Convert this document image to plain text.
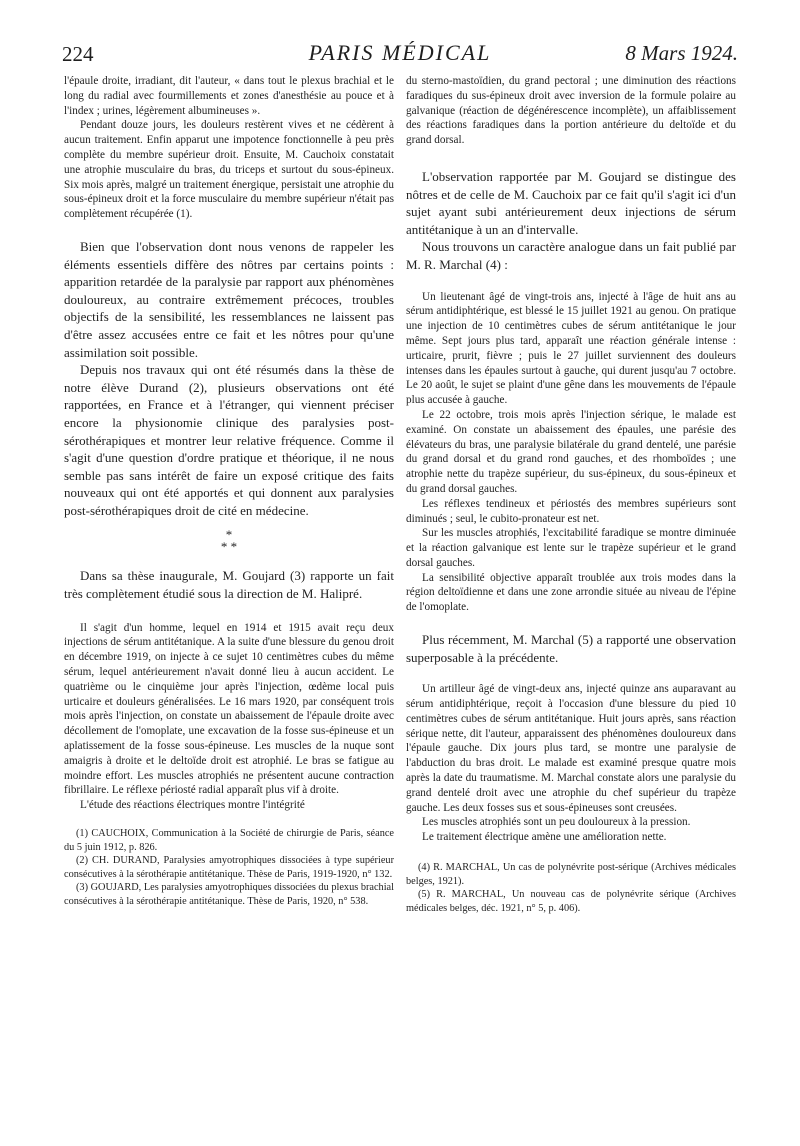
PARIS MÉDICAL
224	8 Mars 1924.

l'épaule droite, irradiant, dit l'auteur, « dans tout le plexus brachial et le long du radial avec fourmillements et zones d'anesthésie au pouce et à l'index ; urines, légèrement albumineuses ».

Pendant douze jours, les douleurs restèrent vives et ne cédèrent à aucun traitement. Enfin apparut une impotence fonctionnelle à peu près complète du membre supérieur droit. Ensuite, M. Cauchoix constatait une atrophie musculaire du bras, du triceps et surtout du sous-épineux. Six mois après, malgré un traitement énergique, persistait une atrophie du sous-épineux droit et la force musculaire du membre supérieur n'était pas complètement récupérée (1).

Bien que l'observation dont nous venons de rappeler les éléments essentiels diffère des nôtres par certains points : apparition retardée de la paralysie par rapport aux phénomènes douloureux, au contraire extrêmement précoces, troubles objectifs de la sensibilité, les ressemblances ne laissent pas d'être assez accusées entre ce fait et les nôtres pour qu'une assimilation soit possible.

Depuis nos travaux qui ont été résumés dans la thèse de notre élève Durand (2), plusieurs observations ont été rapportées, en France et à l'étranger, qui viennent préciser encore la physionomie clinique des paralysies post-sérothérapiques et montrer leur relative fréquence. Comme il s'agit d'une question d'ordre pratique et théorique, il ne nous semble pas sans intérêt de faire un exposé critique des faits nouveaux qui ont été apportés et qui donnent aux paralysies post-sérothérapiques droit de cité en médecine.

*
* *

Dans sa thèse inaugurale, M. Goujard (3) rapporte un fait très complètement étudié sous la direction de M. Halipré.

Il s'agit d'un homme, lequel en 1914 et 1915 avait reçu deux injections de sérum antitétanique. A la suite d'une blessure du genou droit en décembre 1919, on injecte à ce sujet 10 centimètres cubes du même sérum, lequel antérieurement n'avait donné lieu à aucun accident. Le quatrième ou le cinquième jour après l'injection, œdème local puis urticaire et douleurs généralisées. Le 16 mars 1920, par conséquent trois mois après l'injection, on constate un abaissement de l'épaule droite avec décollement de l'omoplate, une excavation de la fosse sus-épineuse et un aplatissement de la fosse sous-épineuse. Les muscles de la nuque sont amaigris à droite et le deltoïde droit est atrophié. Le bras se fatigue au moindre effort. Les muscles atrophiés ne présentent aucune contraction fibrillaire. Le réflexe périosté radial apparaît plus vif à droite.

L'étude des réactions électriques montre l'intégrité

(1) CAUCHOIX, Communication à la Société de chirurgie de Paris, séance du 5 juin 1912, p. 826.

(2) CH. DURAND, Paralysies amyotrophiques dissociées à type supérieur consécutives à la sérothérapie antitétanique. Thèse de Paris, 1919-1920, n° 132.

(3) GOUJARD, Les paralysies amyotrophiques dissociées du plexus brachial consécutives à la sérothérapie antitétanique. Thèse de Paris, 1920, n° 538.

du sterno-mastoïdien, du grand pectoral ; une diminution des réactions faradiques du sus-épineux droit avec inversion de la formule polaire au galvanique (réaction de dégénérescence incomplète), un affaiblissement des réactions faradiques dans la portion antérieure du deltoïde et du grand dorsal.

L'observation rapportée par M. Goujard se distingue des nôtres et de celle de M. Cauchoix par ce fait qu'il s'agit ici d'un sujet ayant subi antérieurement deux injections de sérum antitétanique à un an d'intervalle.

Nous trouvons un caractère analogue dans un fait publié par M. R. Marchal (4) :

Un lieutenant âgé de vingt-trois ans, injecté à l'âge de huit ans au sérum antidiphtérique, est blessé le 15 juillet 1921 au genou. On pratique une injection de 10 centimètres cubes de sérum antitétanique le jour même. Sept jours plus tard, apparaît une réaction générale intense : urticaire, prurit, fièvre ; puis le 27 juillet surviennent des douleurs intenses dans les épaules surtout à gauche, qui durent jusqu'au 7 octobre. Le 20 août, le sujet se plaint d'une gêne dans les mouvements de l'épaule plus accusée à gauche.

Le 22 octobre, trois mois après l'injection sérique, le malade est examiné. On constate un abaissement des épaules, une parésie des élévateurs du bras, une paralysie bilatérale du grand dentelé, une parésie du grand dorsal et du grand rond gauches, et des rhomboïdes ; une atrophie nette du trapèze supérieur, du sus-épineux, du sous-épineux et du grand dorsal gauches.

Les réflexes tendineux et périostés des membres supérieurs sont diminués ; seul, le cubito-pronateur est net.

Sur les muscles atrophiés, l'excitabilité faradique se montre diminuée et la réaction galvanique est lente sur le trapèze supérieur et le grand dorsal gauches.

La sensibilité objective apparaît troublée aux trois modes dans la région deltoïdienne et dans une zone arrondie située au niveau de l'épine de l'omoplate.

Plus récemment, M. Marchal (5) a rapporté une observation superposable à la précédente.

Un artilleur âgé de vingt-deux ans, injecté quinze ans auparavant au sérum antidiphtérique, reçoit à l'occasion d'une blessure du pied 10 centimètres cubes de sérum antitétanique. Huit jours après, sans réaction sérique nette, dit l'auteur, apparaissent des phénomènes douloureux dans l'épaule gauche. Dix jours plus tard, se montre une paralysie de l'abduction du bras droit. Le malade est examiné presque quatre mois après la date du traumatisme. M. Marchal constate alors une paralysie du grand dentelé droit avec une atrophie du chef supérieur du trapèze gauche. Les deux fosses sus et sous-épineuses sont creusées.

Les muscles atrophiés sont un peu douloureux à la pression.

Le traitement électrique amène une amélioration nette.

(4) R. MARCHAL, Un cas de polynévrite post-sérique (Archives médicales belges, 1921).

(5) R. MARCHAL, Un nouveau cas de polynévrite sérique (Archives médicales belges, déc. 1921, n° 5, p. 406).
